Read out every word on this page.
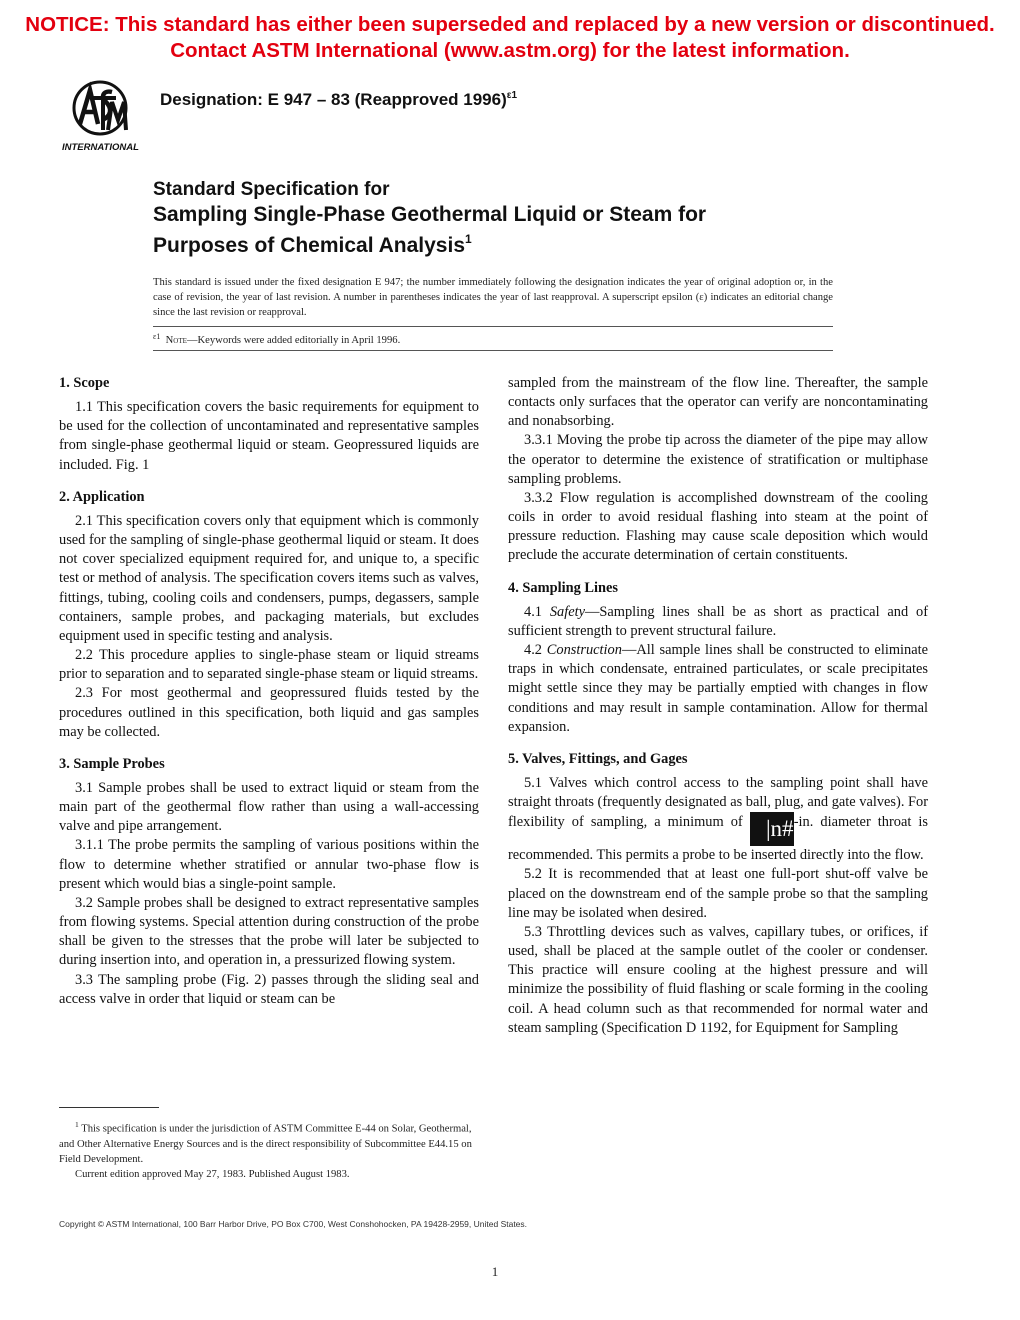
NOTICE: This standard has either been superseded and replaced by a new version or discontinued.
Contact ASTM International (www.astm.org) for the latest information.
INTERNATIONAL
Designation: E 947 – 83 (Reapproved 1996)$^{\varepsilon 1}$
Standard Specification for
Sampling Single-Phase Geothermal Liquid or Steam for
Purposes of Chemical Analysis$^1$
This standard is issued under the fixed designation E 947; the number immediately following the designation indicates the year of original adoption or, in the case of revision, the year of last revision. A number in parentheses indicates the year of last reapproval. A superscript epsilon (ε) indicates an editorial change since the last revision or reapproval.
$^{\varepsilon 1}$ Note—Keywords were added editorially in April 1996.
1. Scope

1.1 This specification covers the basic requirements for equipment to be used for the collection of uncontaminated and representative samples from single-phase geothermal liquid or steam. Geopressured liquids are included. Fig. 1

2. Application

2.1 This specification covers only that equipment which is commonly used for the sampling of single-phase geothermal liquid or steam. It does not cover specialized equipment required for, and unique to, a specific test or method of analysis. The specification covers items such as valves, fittings, tubing, cooling coils and condensers, pumps, degassers, sample containers, sample probes, and packaging materials, but excludes equipment used in specific testing and analysis.

2.2 This procedure applies to single-phase steam or liquid streams prior to separation and to separated single-phase steam or liquid streams.

2.3 For most geothermal and geopressured fluids tested by the procedures outlined in this specification, both liquid and gas samples may be collected.

3. Sample Probes

3.1 Sample probes shall be used to extract liquid or steam from the main part of the geothermal flow rather than using a wall-accessing valve and pipe arrangement.

3.1.1 The probe permits the sampling of various positions within the flow to determine whether stratified or annular two-phase flow is present which would bias a single-point sample.

3.2 Sample probes shall be designed to extract representative samples from flowing systems. Special attention during construction of the probe shall be given to the stresses that the probe will later be subjected to during insertion into, and operation in, a pressurized flowing system.

3.3 The sampling probe (Fig. 2) passes through the sliding seal and access valve in order that liquid or steam can be

sampled from the mainstream of the flow line. Thereafter, the sample contacts only surfaces that the operator can verify are noncontaminating and nonabsorbing.

3.3.1 Moving the probe tip across the diameter of the pipe may allow the operator to determine the existence of stratification or multiphase sampling problems.

3.3.2 Flow regulation is accomplished downstream of the cooling coils in order to avoid residual flashing into steam at the point of pressure reduction. Flashing may cause scale deposition which would preclude the accurate determination of certain constituents.

4. Sampling Lines

4.1 Safety—Sampling lines shall be as short as practical and of sufficient strength to prevent structural failure.

4.2 Construction—All sample lines shall be constructed to eliminate traps in which condensate, entrained particulates, or scale precipitates might settle since they may be partially emptied with changes in flow conditions and may result in sample contamination. Allow for thermal expansion.

5. Valves, Fittings, and Gages

5.1 Valves which control access to the sampling point shall have straight throats (frequently designated as ball, plug, and gate valves). For flexibility of sampling, a minimum of |n#-in. diameter throat is recommended. This permits a probe to be inserted directly into the flow.

5.2 It is recommended that at least one full-port shut-off valve be placed on the downstream end of the sample probe so that the sampling line may be isolated when desired.

5.3 Throttling devices such as valves, capillary tubes, or orifices, if used, shall be placed at the sample outlet of the cooler or condenser. This practice will ensure cooling at the highest pressure and will minimize the possibility of fluid flashing or scale forming in the cooling coil. A head column such as that recommended for normal water and steam sampling (Specification D 1192, for Equipment for Sampling

$^1$ This specification is under the jurisdiction of ASTM Committee E-44 on Solar, Geothermal, and Other Alternative Energy Sources and is the direct responsibility of Subcommittee E44.15 on Field Development.

Current edition approved May 27, 1983. Published August 1983.

Copyright © ASTM International, 100 Barr Harbor Drive, PO Box C700, West Conshohocken, PA 19428-2959, United States.
1
